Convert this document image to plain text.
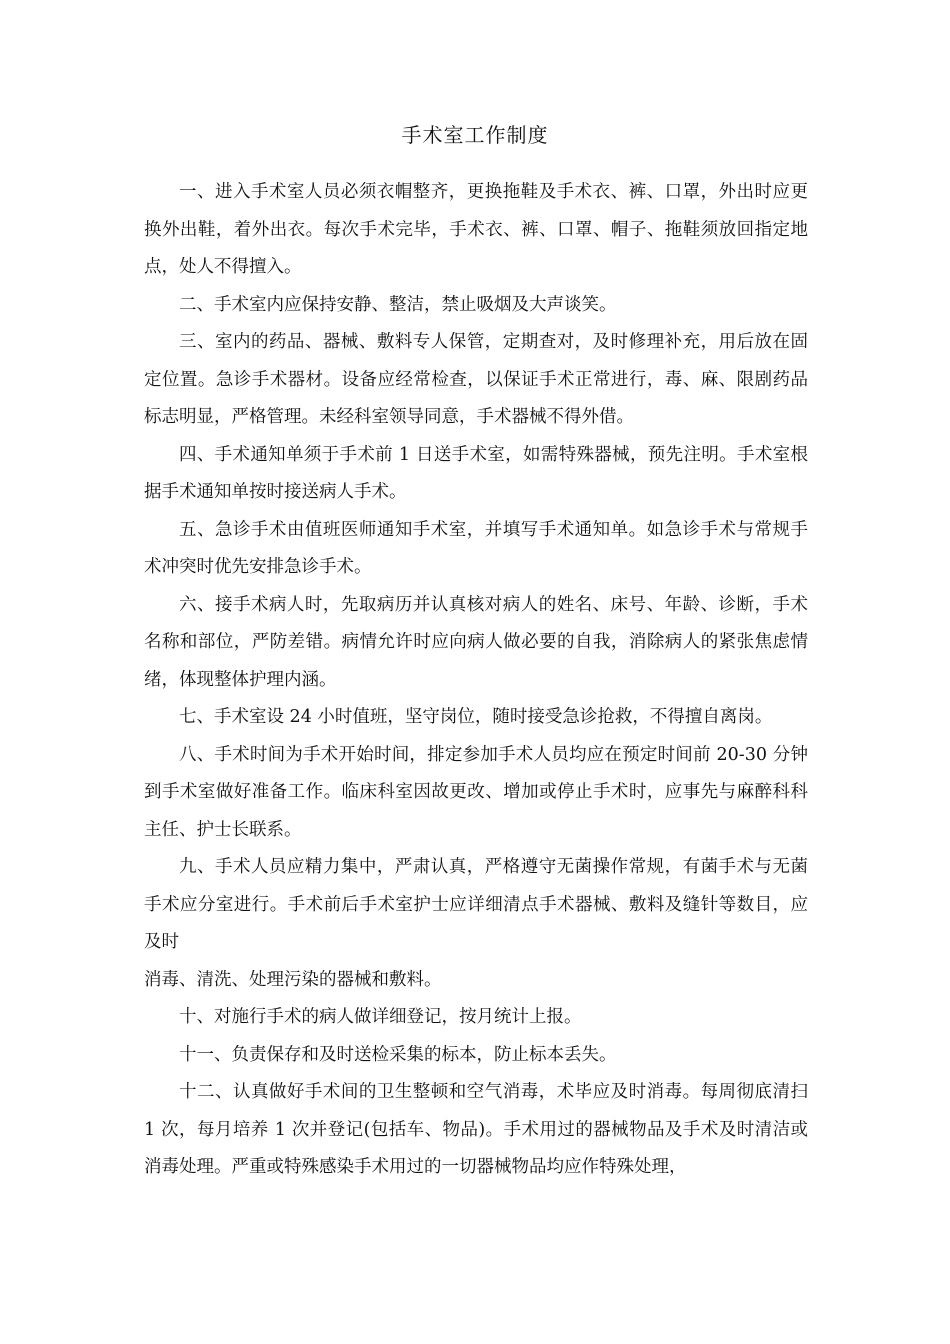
手术室工作制度

一、进入手术室人员必须衣帽整齐，更换拖鞋及手术衣、裤、口罩，外出时应更换外出鞋，着外出衣。每次手术完毕，手术衣、裤、口罩、帽子、拖鞋须放回指定地点，处人不得擅入。

二、手术室内应保持安静、整洁，禁止吸烟及大声谈笑。

三、室内的药品、器械、敷料专人保管，定期查对，及时修理补充，用后放在固定位置。急诊手术器材。设备应经常检查，以保证手术正常进行，毒、麻、限剧药品标志明显，严格管理。未经科室领导同意，手术器械不得外借。

四、手术通知单须于手术前 1 日送手术室，如需特殊器械，预先注明。手术室根据手术通知单按时接送病人手术。

五、急诊手术由值班医师通知手术室，并填写手术通知单。如急诊手术与常规手术冲突时优先安排急诊手术。

六、接手术病人时，先取病历并认真核对病人的姓名、床号、年龄、诊断，手术名称和部位，严防差错。病情允许时应向病人做必要的自我，消除病人的紧张焦虑情绪，体现整体护理内涵。

七、手术室设 24 小时值班，坚守岗位，随时接受急诊抢救，不得擅自离岗。

八、手术时间为手术开始时间，排定参加手术人员均应在预定时间前 20-30 分钟到手术室做好准备工作。临床科室因故更改、增加或停止手术时，应事先与麻醉科科主任、护士长联系。

九、手术人员应精力集中，严肃认真，严格遵守无菌操作常规，有菌手术与无菌手术应分室进行。手术前后手术室护士应详细清点手术器械、敷料及缝针等数目，应及时

消毒、清洗、处理污染的器械和敷料。

十、对施行手术的病人做详细登记，按月统计上报。

十一、负责保存和及时送检采集的标本，防止标本丢失。

十二、认真做好手术间的卫生整顿和空气消毒，术毕应及时消毒。每周彻底清扫 1 次，每月培养 1 次并登记(包括车、物品)。手术用过的器械物品及手术及时清洁或消毒处理。严重或特殊感染手术用过的一切器械物品均应作特殊处理，
